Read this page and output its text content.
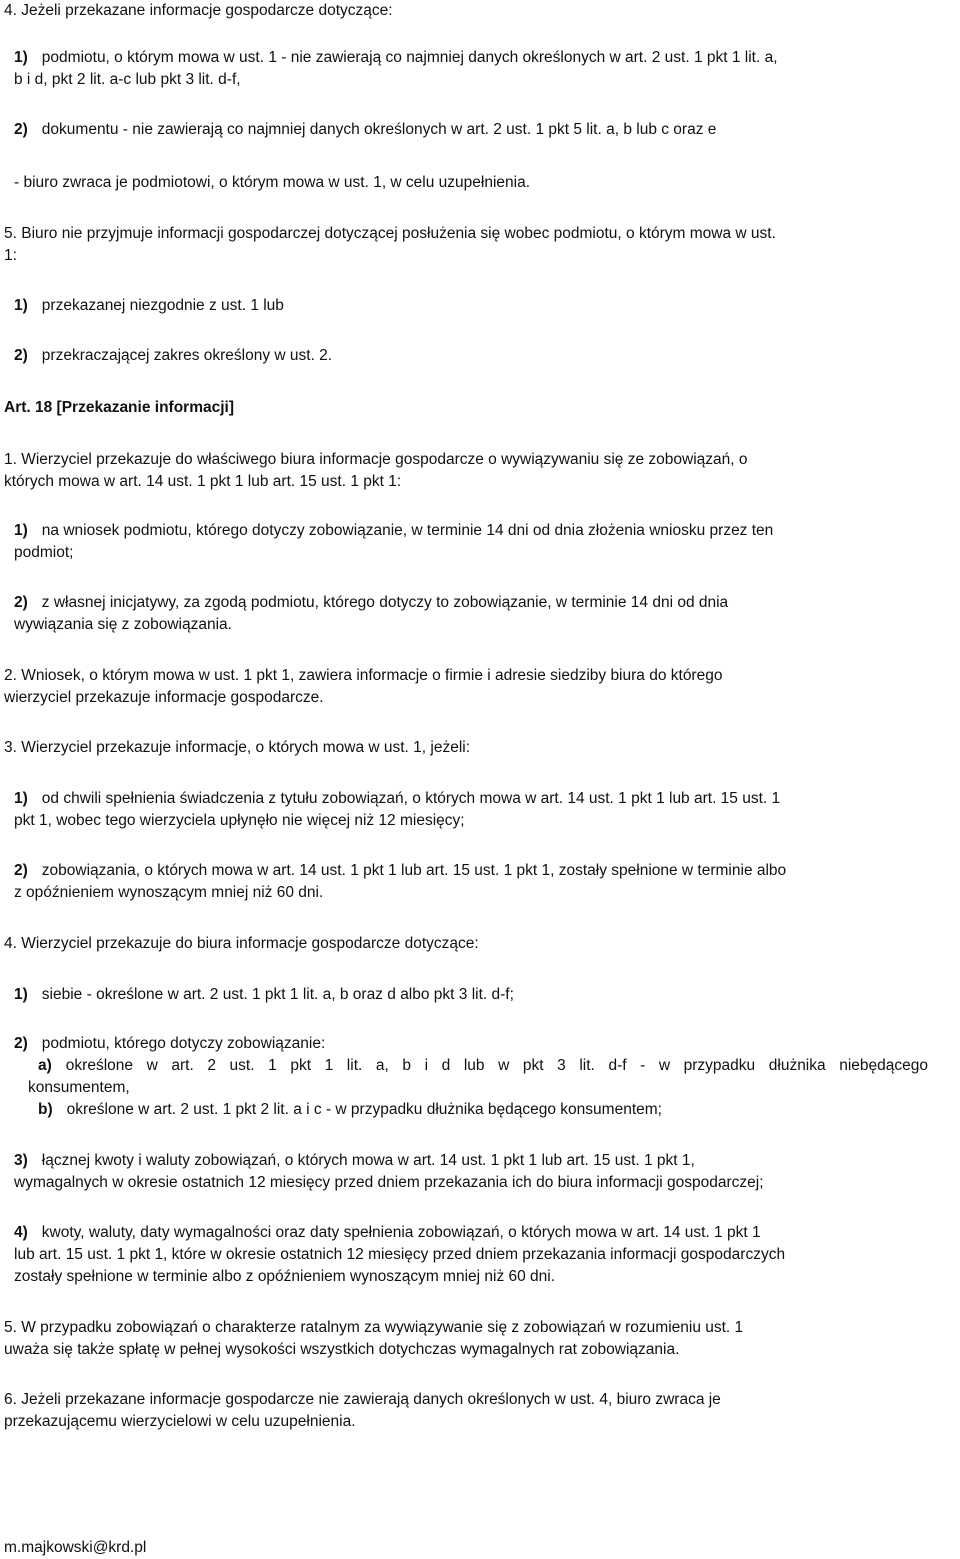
4. Jeżeli przekazane informacje gospodarcze dotyczące:

1) podmiotu, o którym mowa w ust. 1 - nie zawierają co najmniej danych określonych w art. 2 ust. 1 pkt 1 lit. a,

b i d, pkt 2 lit. a-c lub pkt 3 lit. d-f,

2) dokumentu - nie zawierają co najmniej danych określonych w art. 2 ust. 1 pkt 5 lit. a, b lub c oraz e

- biuro zwraca je podmiotowi, o którym mowa w ust. 1, w celu uzupełnienia.

5. Biuro nie przyjmuje informacji gospodarczej dotyczącej posłużenia się wobec podmiotu, o którym mowa w ust.

1:

1) przekazanej niezgodnie z ust. 1 lub

2) przekraczającej zakres określony w ust. 2.

Art. 18 [Przekazanie informacji]

1. Wierzyciel przekazuje do właściwego biura informacje gospodarcze o wywiązywaniu się ze zobowiązań, o

których mowa w art. 14 ust. 1 pkt 1 lub art. 15 ust. 1 pkt 1:

1) na wniosek podmiotu, którego dotyczy zobowiązanie, w terminie 14 dni od dnia złożenia wniosku przez ten

podmiot;

2) z własnej inicjatywy, za zgodą podmiotu, którego dotyczy to zobowiązanie, w terminie 14 dni od dnia

wywiązania się z zobowiązania.

2. Wniosek, o którym mowa w ust. 1 pkt 1, zawiera informacje o firmie i adresie siedziby biura do którego

wierzyciel przekazuje informacje gospodarcze.

3. Wierzyciel przekazuje informacje, o których mowa w ust. 1, jeżeli:

1) od chwili spełnienia świadczenia z tytułu zobowiązań, o których mowa w art. 14 ust. 1 pkt 1 lub art. 15 ust. 1

pkt 1, wobec tego wierzyciela upłynęło nie więcej niż 12 miesięcy;

2) zobowiązania, o których mowa w art. 14 ust. 1 pkt 1 lub art. 15 ust. 1 pkt 1, zostały spełnione w terminie albo

z opóźnieniem wynoszącym mniej niż 60 dni.

4. Wierzyciel przekazuje do biura informacje gospodarcze dotyczące:

1) siebie - określone w art. 2 ust. 1 pkt 1 lit. a, b oraz d albo pkt 3 lit. d-f;

2) podmiotu, którego dotyczy zobowiązanie:

a) określone w art. 2 ust. 1 pkt 1 lit. a, b i d lub w pkt 3 lit. d-f - w przypadku dłużnika niebędącego

konsumentem,

b) określone w art. 2 ust. 1 pkt 2 lit. a i c - w przypadku dłużnika będącego konsumentem;

3) łącznej kwoty i waluty zobowiązań, o których mowa w art. 14 ust. 1 pkt 1 lub art. 15 ust. 1 pkt 1,

wymagalnych w okresie ostatnich 12 miesięcy przed dniem przekazania ich do biura informacji gospodarczej;

4) kwoty, waluty, daty wymagalności oraz daty spełnienia zobowiązań, o których mowa w art. 14 ust. 1 pkt 1

lub art. 15 ust. 1 pkt 1, które w okresie ostatnich 12 miesięcy przed dniem przekazania informacji gospodarczych

zostały spełnione w terminie albo z opóźnieniem wynoszącym mniej niż 60 dni.

5. W przypadku zobowiązań o charakterze ratalnym za wywiązywanie się z zobowiązań w rozumieniu ust. 1

uważa się także spłatę w pełnej wysokości wszystkich dotychczas wymagalnych rat zobowiązania.

6. Jeżeli przekazane informacje gospodarcze nie zawierają danych określonych w ust. 4, biuro zwraca je

przekazującemu wierzycielowi w celu uzupełnienia.

m.majkowski@krd.pl
